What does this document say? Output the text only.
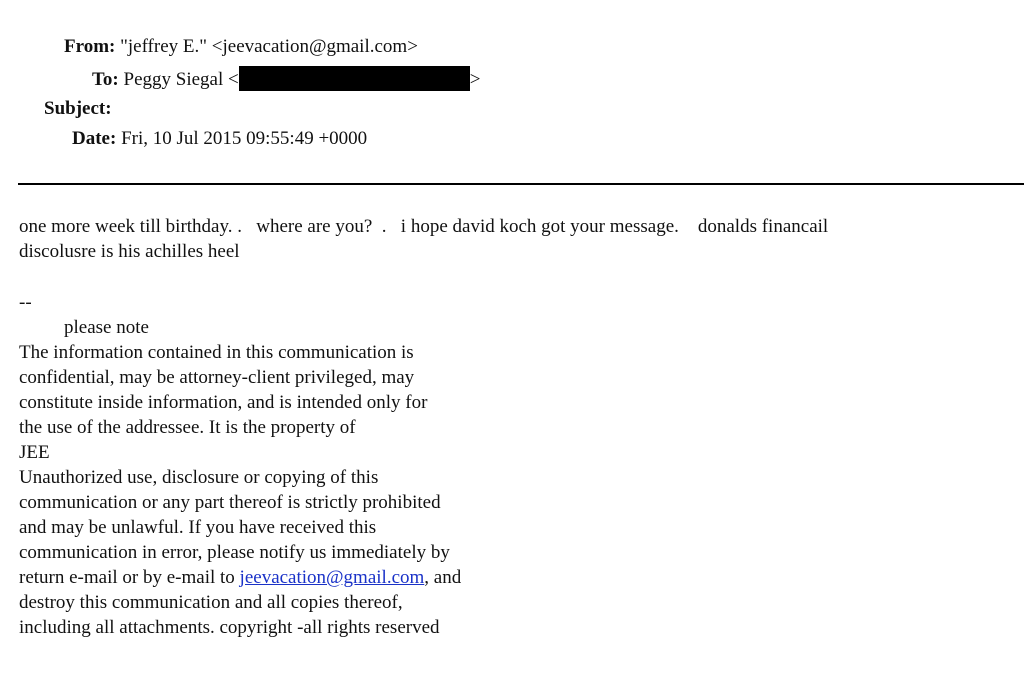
From: "jeffrey E." <jeevacation@gmail.com>
To: Peggy Siegal <	>
Subject:
Date: Fri, 10 Jul 2015 09:55:49 +0000
one more week till birthday. .   where are you?  .   i hope david koch got your message.    donalds financail
discolusre is his achilles heel
--
please note
The information contained in this communication is
confidential, may be attorney-client privileged, may
constitute inside information, and is intended only for
the use of the addressee. It is the property of
JEE
Unauthorized use, disclosure or copying of this
communication or any part thereof is strictly prohibited
and may be unlawful. If you have received this
communication in error, please notify us immediately by
return e-mail or by e-mail to jeevacation@gmail.com, and
destroy this communication and all copies thereof,
including all attachments. copyright -all rights reserved
